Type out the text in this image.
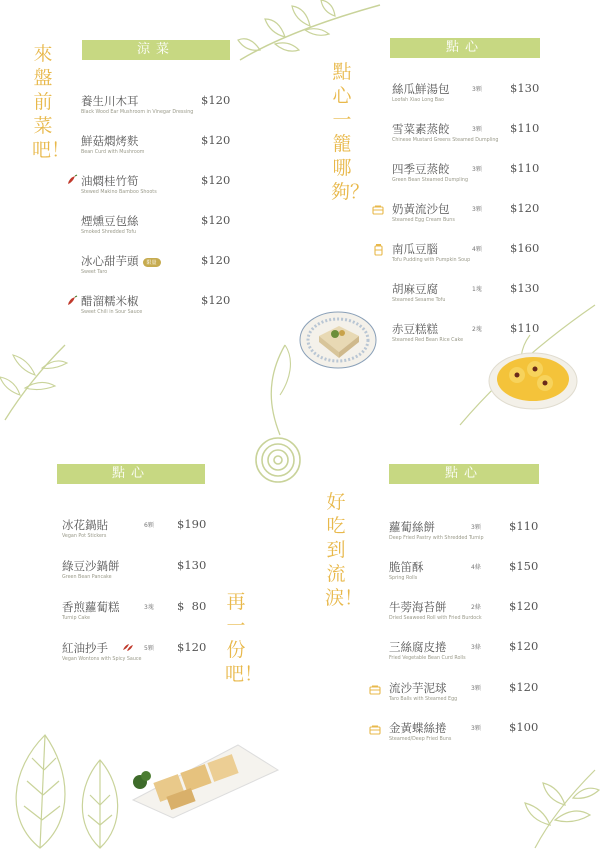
來盤前菜吧！
點心一籠哪夠？
好吃到流淚！
再一份吧！
涼菜
養生川木耳
Black Wood Ear Mushroom in Vinegar Dressing
$120
鮮菇燜烤麩
Bean Curd with Mushroom
$120
油燜桂竹筍
Stewed Makino Bamboo Shoots
$120
煙燻豆包絲
Smoked Shredded Tofu
$120
冰心甜芋頭 限量
Sweet Taro
$120
醋溜糯米椒
Sweet Chili in Sour Sauce
$120
點心
絲瓜鮮湯包
Loofah Xiao Long Bao
3顆 $130
雪菜素蒸餃
Chinese Mustard Greens Steamed Dumpling
3顆 $110
四季豆蒸餃
Green Bean Steamed Dumpling
3顆 $110
奶黃流沙包
Steamed Egg Cream Buns
3顆 $120
南瓜豆腦
Tofu Pudding with Pumpkin Soup
4顆 $160
胡麻豆腐
Steamed Sesame Tofu
1塊 $130
赤豆糕糕
Steamed Red Bean Rice Cake
2塊 $110
點心
冰花鍋貼
Vegan Pot Stickers
6顆 $190
綠豆沙鍋餅
Green Bean Pancake
$130
香煎蘿蔔糕
Turnip Cake
3塊 $  80
紅油抄手
Vegan Wontons with Spicy Sauce
5顆 $120
點心
蘿蔔絲餅
Deep Fried Pastry with Shredded Turnip
3顆 $110
脆笛酥
Spring Rolls
4條 $150
牛蒡海苔餅
Dried Seaweed Roll with Fried Burdock
2條 $120
三絲腐皮捲
Fried Vegetable Bean Curd Rolls
3條 $120
流沙芋泥球
Taro Balls with Steamed Egg
3顆 $120
金黃蝶絲捲
Steamed/Deep Fried Buns
3顆 $100
